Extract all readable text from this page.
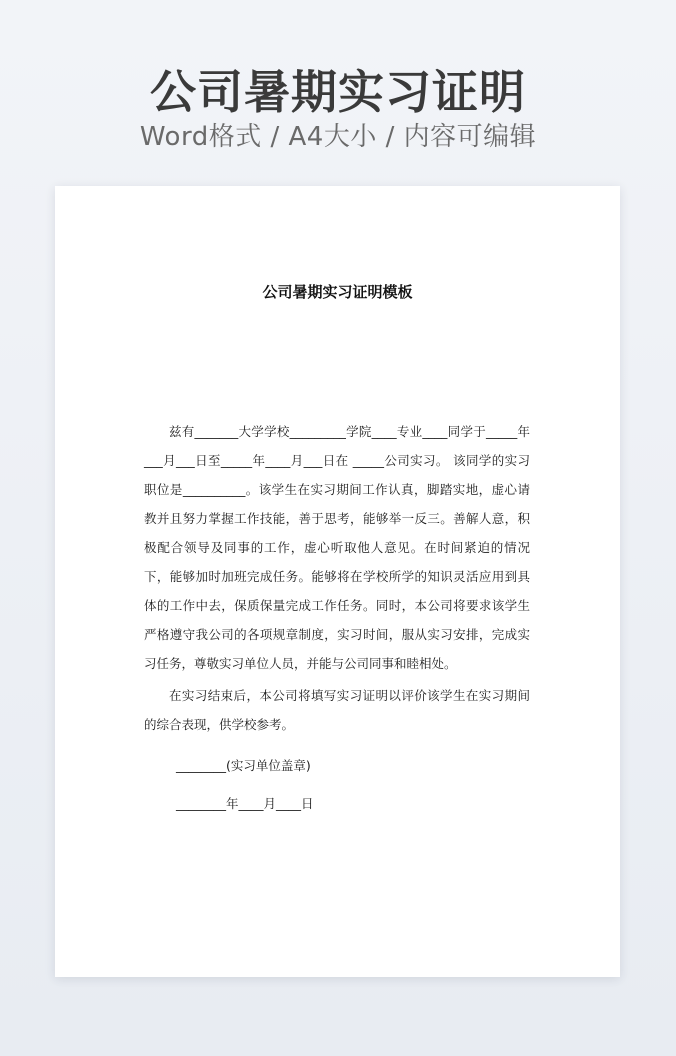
公司暑期实习证明
Word格式 / A4大小 / 内容可编辑
公司暑期实习证明模板

兹有_______大学学校_________学院____专业____同学于_____年___月___日至_____年____月___日在 _____公司实习。 该同学的实习职位是__________。该学生在实习期间工作认真，脚踏实地，虚心请教并且努力掌握工作技能，善于思考，能够举一反三。善解人意，积极配合领导及同事的工作，虚心听取他人意见。在时间紧迫的情况下，能够加时加班完成任务。能够将在学校所学的知识灵活应用到具体的工作中去，保质保量完成工作任务。同时，本公司将要求该学生严格遵守我公司的各项规章制度，实习时间，服从实习安排，完成实习任务，尊敬实习单位人员，并能与公司同事和睦相处。

在实习结束后，本公司将填写实习证明以评价该学生在实习期间的综合表现，供学校参考。

________(实习单位盖章)
________年____月____日
